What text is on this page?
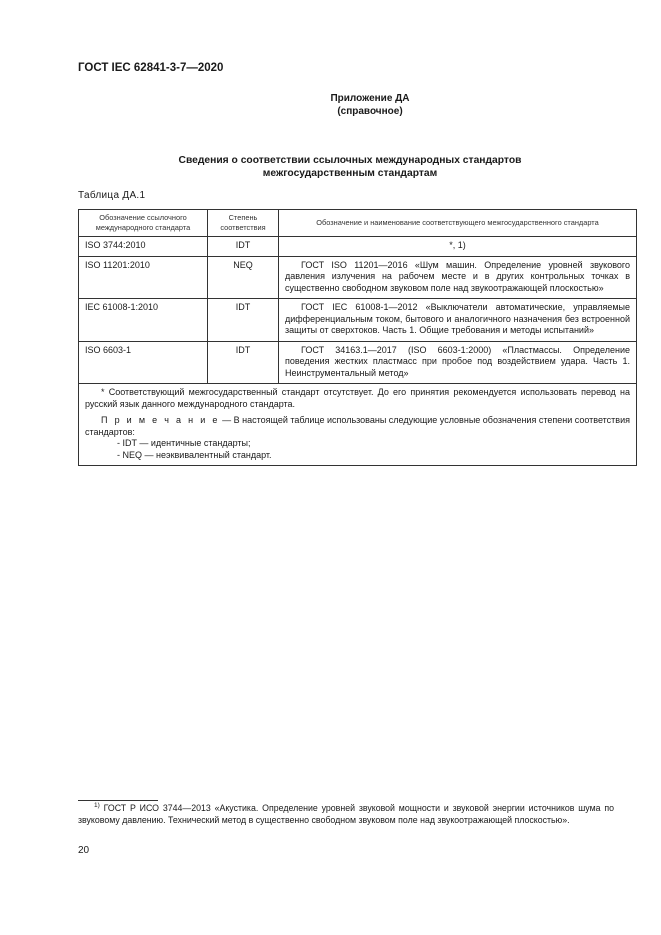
ГОСТ IEC 62841-3-7—2020
Приложение ДА
(справочное)
Сведения о соответствии ссылочных международных стандартов
межгосударственным стандартам
Таблица ДА.1
Обозначение ссылочного международного стандарта	Степень соответствия	Обозначение и наименование соответствующего межгосударственного стандарта
ISO 3744:2010	IDT	*, 1)
ISO 11201:2010	NEQ	ГОСТ ISO 11201—2016 «Шум машин. Определение уровней звукового давления излучения на рабочем месте и в других контрольных точках в существенно свободном звуковом поле над звукоотражающей плоскостью»
IEC 61008-1:2010	IDT	ГОСТ IEC 61008-1—2012 «Выключатели автоматические, управляемые дифференциальным током, бытового и аналогичного назначения без встроенной защиты от сверхтоков. Часть 1. Общие требования и методы испытаний»
ISO 6603-1	IDT	ГОСТ 34163.1—2017 (ISO 6603-1:2000) «Пластмассы. Определение поведения жестких пластмасс при пробое под воздействием удара. Часть 1. Неинструментальный метод»

* Соответствующий межгосударственный стандарт отсутствует. До его принятия рекомендуется использовать перевод на русский язык данного международного стандарта.

П р и м е ч а н и е — В настоящей таблице использованы следующие условные обозначения степени соответствия стандартов:

- IDT — идентичные стандарты;
- NEQ — неэквивалентный стандарт.		
$^{1)}$ ГОСТ Р ИСО 3744—2013 «Акустика. Определение уровней звуковой мощности и звуковой энергии источников шума по звуковому давлению. Технический метод в существенно свободном звуковом поле над звукоотражающей плоскостью».
20
